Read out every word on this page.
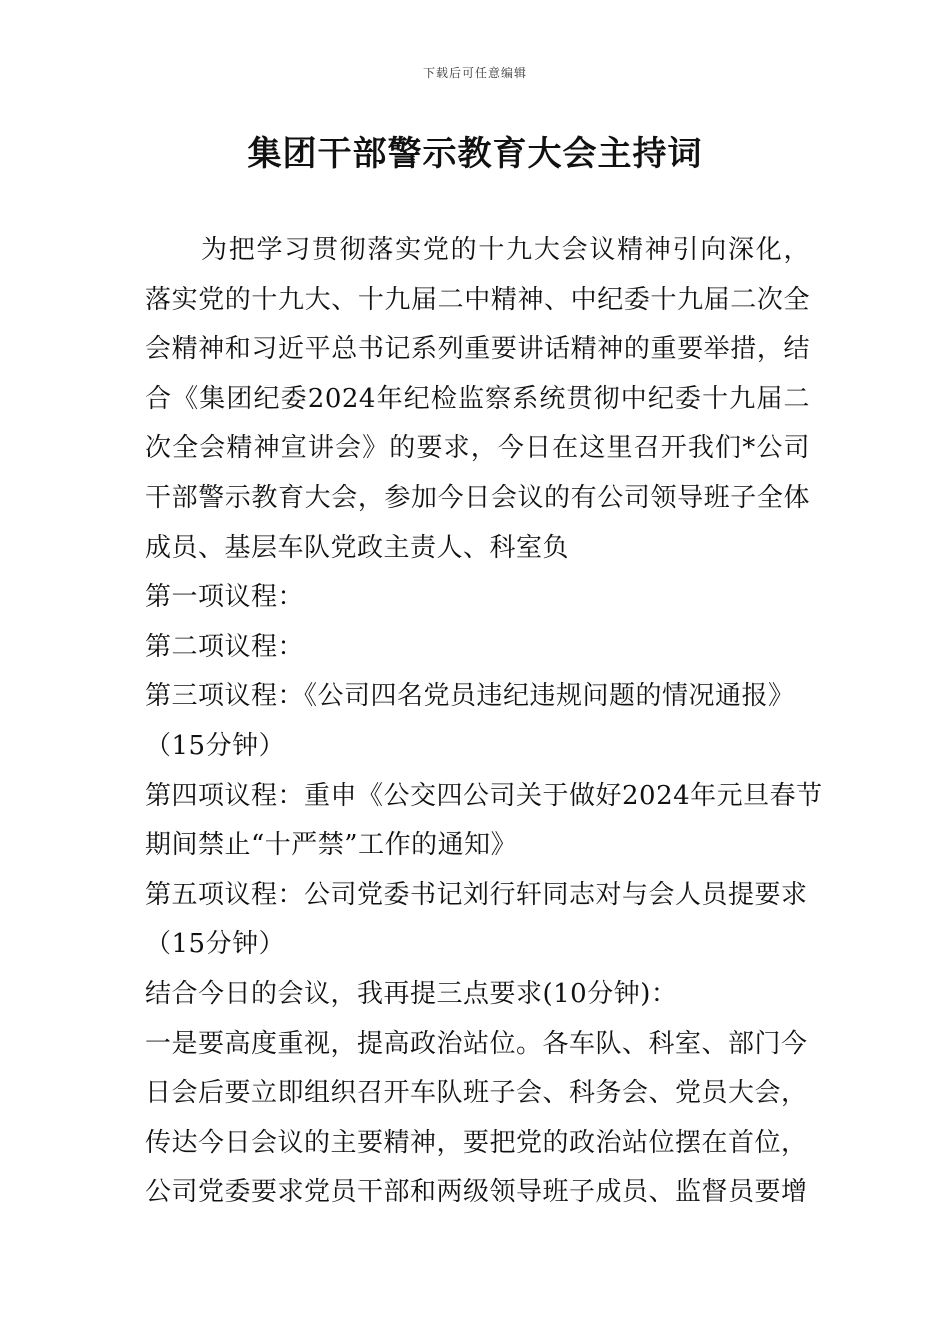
下载后可任意编辑
集团干部警示教育大会主持词

为把学习贯彻落实党的十九大会议精神引向深化，落实党的十九大、十九届二中精神、中纪委十九届二次全会精神和习近平总书记系列重要讲话精神的重要举措，结合《集团纪委2024年纪检监察系统贯彻中纪委十九届二次全会精神宣讲会》的要求，今日在这里召开我们*公司干部警示教育大会，参加今日会议的有公司领导班子全体成员、基层车队党政主责人、科室负

第一项议程：

第二项议程：

第三项议程：《公司四名党员违纪违规问题的情况通报》

（15分钟）

第四项议程：重申《公交四公司关于做好2024年元旦春节

期间禁止“十严禁”工作的通知》

第五项议程：公司党委书记刘行轩同志对与会人员提要求

（15分钟）

结合今日的会议，我再提三点要求(10分钟)：

一是要高度重视，提高政治站位。各车队、科室、部门今

日会后要立即组织召开车队班子会、科务会、党员大会，

传达今日会议的主要精神，要把党的政治站位摆在首位，

公司党委要求党员干部和两级领导班子成员、监督员要增
